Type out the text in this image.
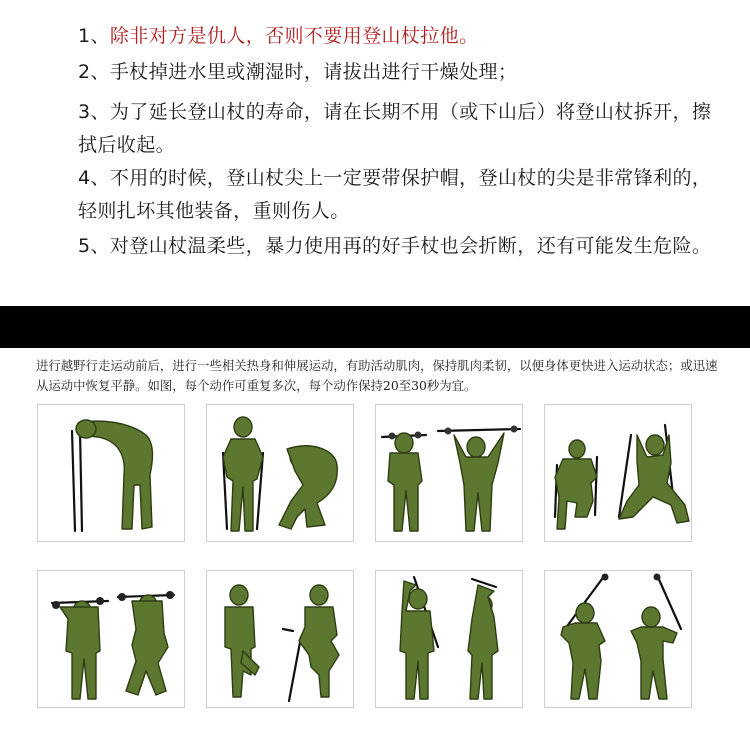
1、除非对方是仇人，否则不要用登山杖拉他。
2、手杖掉进水里或潮湿时，请拔出进行干燥处理；
3、为了延长登山杖的寿命，请在长期不用（或下山后）将登山杖拆开，擦拭后收起。
4、不用的时候，登山杖尖上一定要带保护帽，登山杖的尖是非常锋利的，轻则扎坏其他装备，重则伤人。
5、对登山杖温柔些，暴力使用再的好手杖也会折断，还有可能发生危险。
进行越野行走运动前后，进行一些相关热身和伸展运动，有助活动肌肉，保持肌肉柔韧，以便身体更快进入运动状态；或迅速从运动中恢复平静。如图，每个动作可重复多次，每个动作保持20至30秒为宜。
